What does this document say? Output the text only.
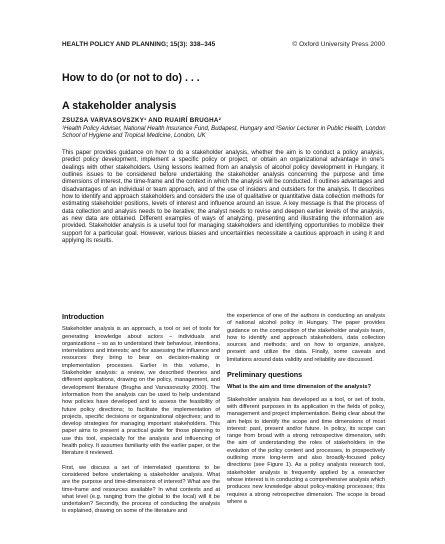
HEALTH POLICY AND PLANNING; 15(3): 338–345	© Oxford University Press 2000
How to do (or not to do) . . .
A stakeholder analysis
ZSUZSA VARVASOVSZKY¹ AND RUAIRÍ BRUGHA²
¹Health Policy Adviser, National Health Insurance Fund, Budapest, Hungary and ²Senior Lecturer in Public Health, London School of Hygiene and Tropical Medicine, London, UK
This paper provides guidance on how to do a stakeholder analysis, whether the aim is to conduct a policy analysis, predict policy development, implement a specific policy or project, or obtain an organizational advantage in one's dealings with other stakeholders. Using lessons learned from an analysis of alcohol policy development in Hungary, it outlines issues to be considered before undertaking the stakeholder analysis concerning the purpose and time dimensions of interest, the time-frame and the context in which the analysis will be conducted. It outlines advantages and disadvantages of an individual or team approach, and of the use of insiders and outsiders for the analysis. It describes how to identify and approach stakeholders and considers the use of qualitative or quantitative data collection methods for estimating stakeholder positions, levels of interest and influence around an issue. A key message is that the process of data collection and analysis needs to be iterative; the analyst needs to revise and deepen earlier levels of the analysis, as new data are obtained. Different examples of ways of analyzing, presenting and illustrating the information are provided. Stakeholder analysis is a useful tool for managing stakeholders and identifying opportunities to mobilize their support for a particular goal. However, various biases and uncertainties necessitate a cautious approach in using it and applying its results.
Introduction

Stakeholder analysis is an approach, a tool or set of tools for generating knowledge about actors – individuals and organizations – so as to understand their behaviour, intentions, interrelations and interests; and for assessing the influence and resources they bring to bear on decision-making or implementation processes. Earlier in this volume, in Stakeholder analysis: a review, we described theories and different applications, drawing on the policy, management, and development literature (Brugha and Varvasovszky 2000). The information from the analysis can be used to help understand how policies have developed and to assess the feasibility of future policy directions; to facilitate the implementation of projects, specific decisions or organizational objectives; and to develop strategies for managing important stakeholders. This paper aims to present a practical guide for those planning to use this tool, especially for the analysis and influencing of health policy. It assumes familiarity with the earlier paper, or the literature it reviewed.

First, we discuss a set of interrelated questions to be considered before undertaking a stakeholder analysis. What are the purpose and time-dimensions of interest? What are the time-frame and resources available? In what contexts and at what level (e.g. ranging from the global to the local) will it be undertaken? Secondly, the process of conducting the analysis is explained, drawing on some of the literature and

the experience of one of the authors in conducting an analysis of national alcohol policy in Hungary. The paper provides guidance on the composition of the stakeholder analysis team, how to identify and approach stakeholders, data collection sources and methods; and on how to organize, analyze, present and utilize the data. Finally, some caveats and limitations around data validity and reliability are discussed.

Preliminary questions
What is the aim and time dimension of the analysis?

Stakeholder analysis has developed as a tool, or set of tools, with different purposes in its application in the fields of policy, management and project implementation. Being clear about the aim helps to identify the scope and time dimensions of most interest: past, present and/or future. In policy, its scope can range from broad with a strong retrospective dimension, with the aim of understanding the roles of stakeholders in the evolution of the policy content and processes, to prospectively outlining more long-term and also broadly-focused policy directions (see Figure 1). As a policy analysis research tool, stakeholder analysis is frequently applied by a researcher whose interest is in conducting a comprehensive analysis which produces new knowledge about policy-making processes; this requires a strong retrospective dimension. The scope is broad where a
